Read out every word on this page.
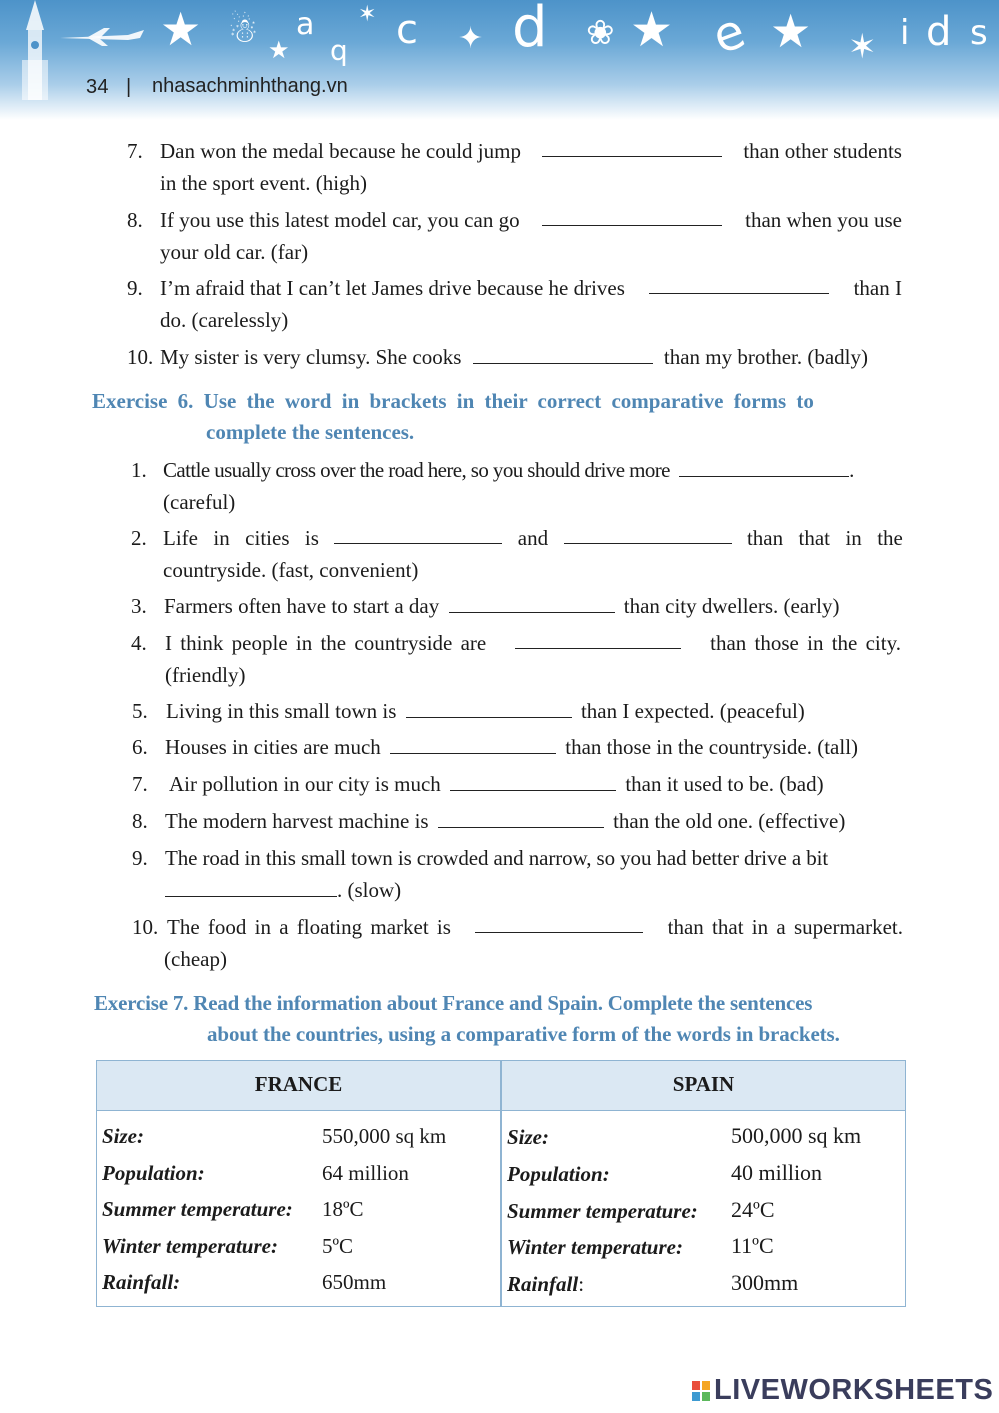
★ ☃ ★
a
b
✶ c ✦ d ❀ ★ e ★ ✶ i d s
34 | nhasachminhthang.vn
7. Dan won the medal because he could jump	than other students
in the sport event. (high)
8. If you use this latest model car, you can go	than when you use
your old car. (far)
9. I’m afraid that I can’t let James drive because he drives	than I
do. (carelessly)
10. My sister is very clumsy. She cooks	than my brother. (badly)
Exercise 6. Use the word in brackets in their correct comparative forms to
complete the sentences.
1. Cattle usually cross over the road here, so you should drive more	.
(careful)
2. Life in cities is	and	than that in the
countryside. (fast, convenient)
3. Farmers often have to start a day	than city dwellers. (early)
4. I think people in the countryside are	than those in the city.
(friendly)
5. Living in this small town is	than I expected. (peaceful)
6. Houses in cities are much	than those in the countryside. (tall)
7. Air pollution in our city is much	than it used to be. (bad)
8. The modern harvest machine is	than the old one. (effective)
9. The road in this small town is crowded and narrow, so you had better drive a bit
. (slow)
10. The food in a floating market is	than that in a supermarket.
(cheap)
Exercise 7. Read the information about France and Spain. Complete the sentences
about the countries, using a comparative form of the words in brackets.
FRANCE	SPAIN
Size:	550,000 sq km
Population:	64 million
Summer temperature: 18ºC
Winter temperature: 5ºC
Rainfall:	650mm
Size:	500,000 sq km
Population:	40 million
Summer temperature: 24ºC
Winter temperature: 11ºC
Rainfall:	300mm
LIVEWORKSHEETS
